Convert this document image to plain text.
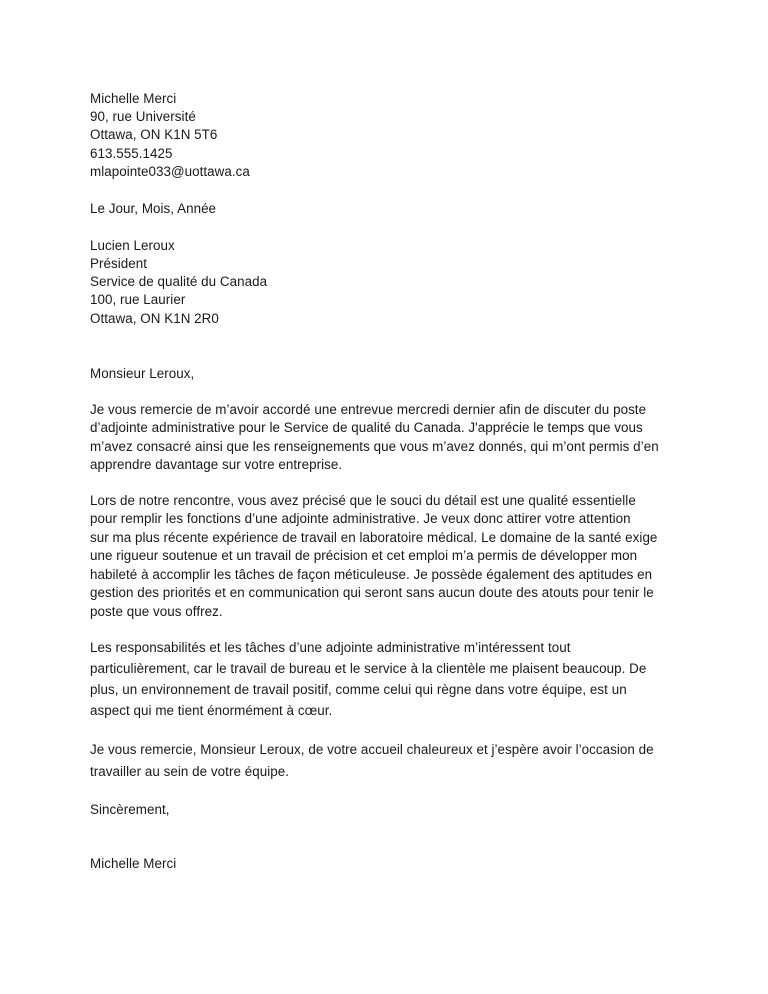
Michelle Merci
90, rue Université
Ottawa, ON K1N 5T6
613.555.1425
mlapointe033@uottawa.ca
Le Jour, Mois, Année
Lucien Leroux
Président
Service de qualité du Canada
100, rue Laurier
Ottawa, ON K1N 2R0
Monsieur Leroux,
Je vous remercie de m’avoir accordé une entrevue mercredi dernier afin de discuter du poste
d’adjointe administrative pour le Service de qualité du Canada. J'apprécie le temps que vous
m’avez consacré ainsi que les renseignements que vous m’avez donnés, qui m’ont permis d’en
apprendre davantage sur votre entreprise.
Lors de notre rencontre, vous avez précisé que le souci du détail est une qualité essentielle
pour remplir les fonctions d’une adjointe administrative. Je veux donc attirer votre attention
sur ma plus récente expérience de travail en laboratoire médical. Le domaine de la santé exige
une rigueur soutenue et un travail de précision et cet emploi m’a permis de développer mon
habileté à accomplir les tâches de façon méticuleuse. Je possède également des aptitudes en
gestion des priorités et en communication qui seront sans aucun doute des atouts pour tenir le
poste que vous offrez.
Les responsabilités et les tâches d’une adjointe administrative m’intéressent tout
particulièrement, car le travail de bureau et le service à la clientèle me plaisent beaucoup. De
plus, un environnement de travail positif, comme celui qui règne dans votre équipe, est un
aspect qui me tient énormément à cœur.
Je vous remercie, Monsieur Leroux, de votre accueil chaleureux et j’espère avoir l’occasion de
travailler au sein de votre équipe.
Sincèrement,
Michelle Merci
